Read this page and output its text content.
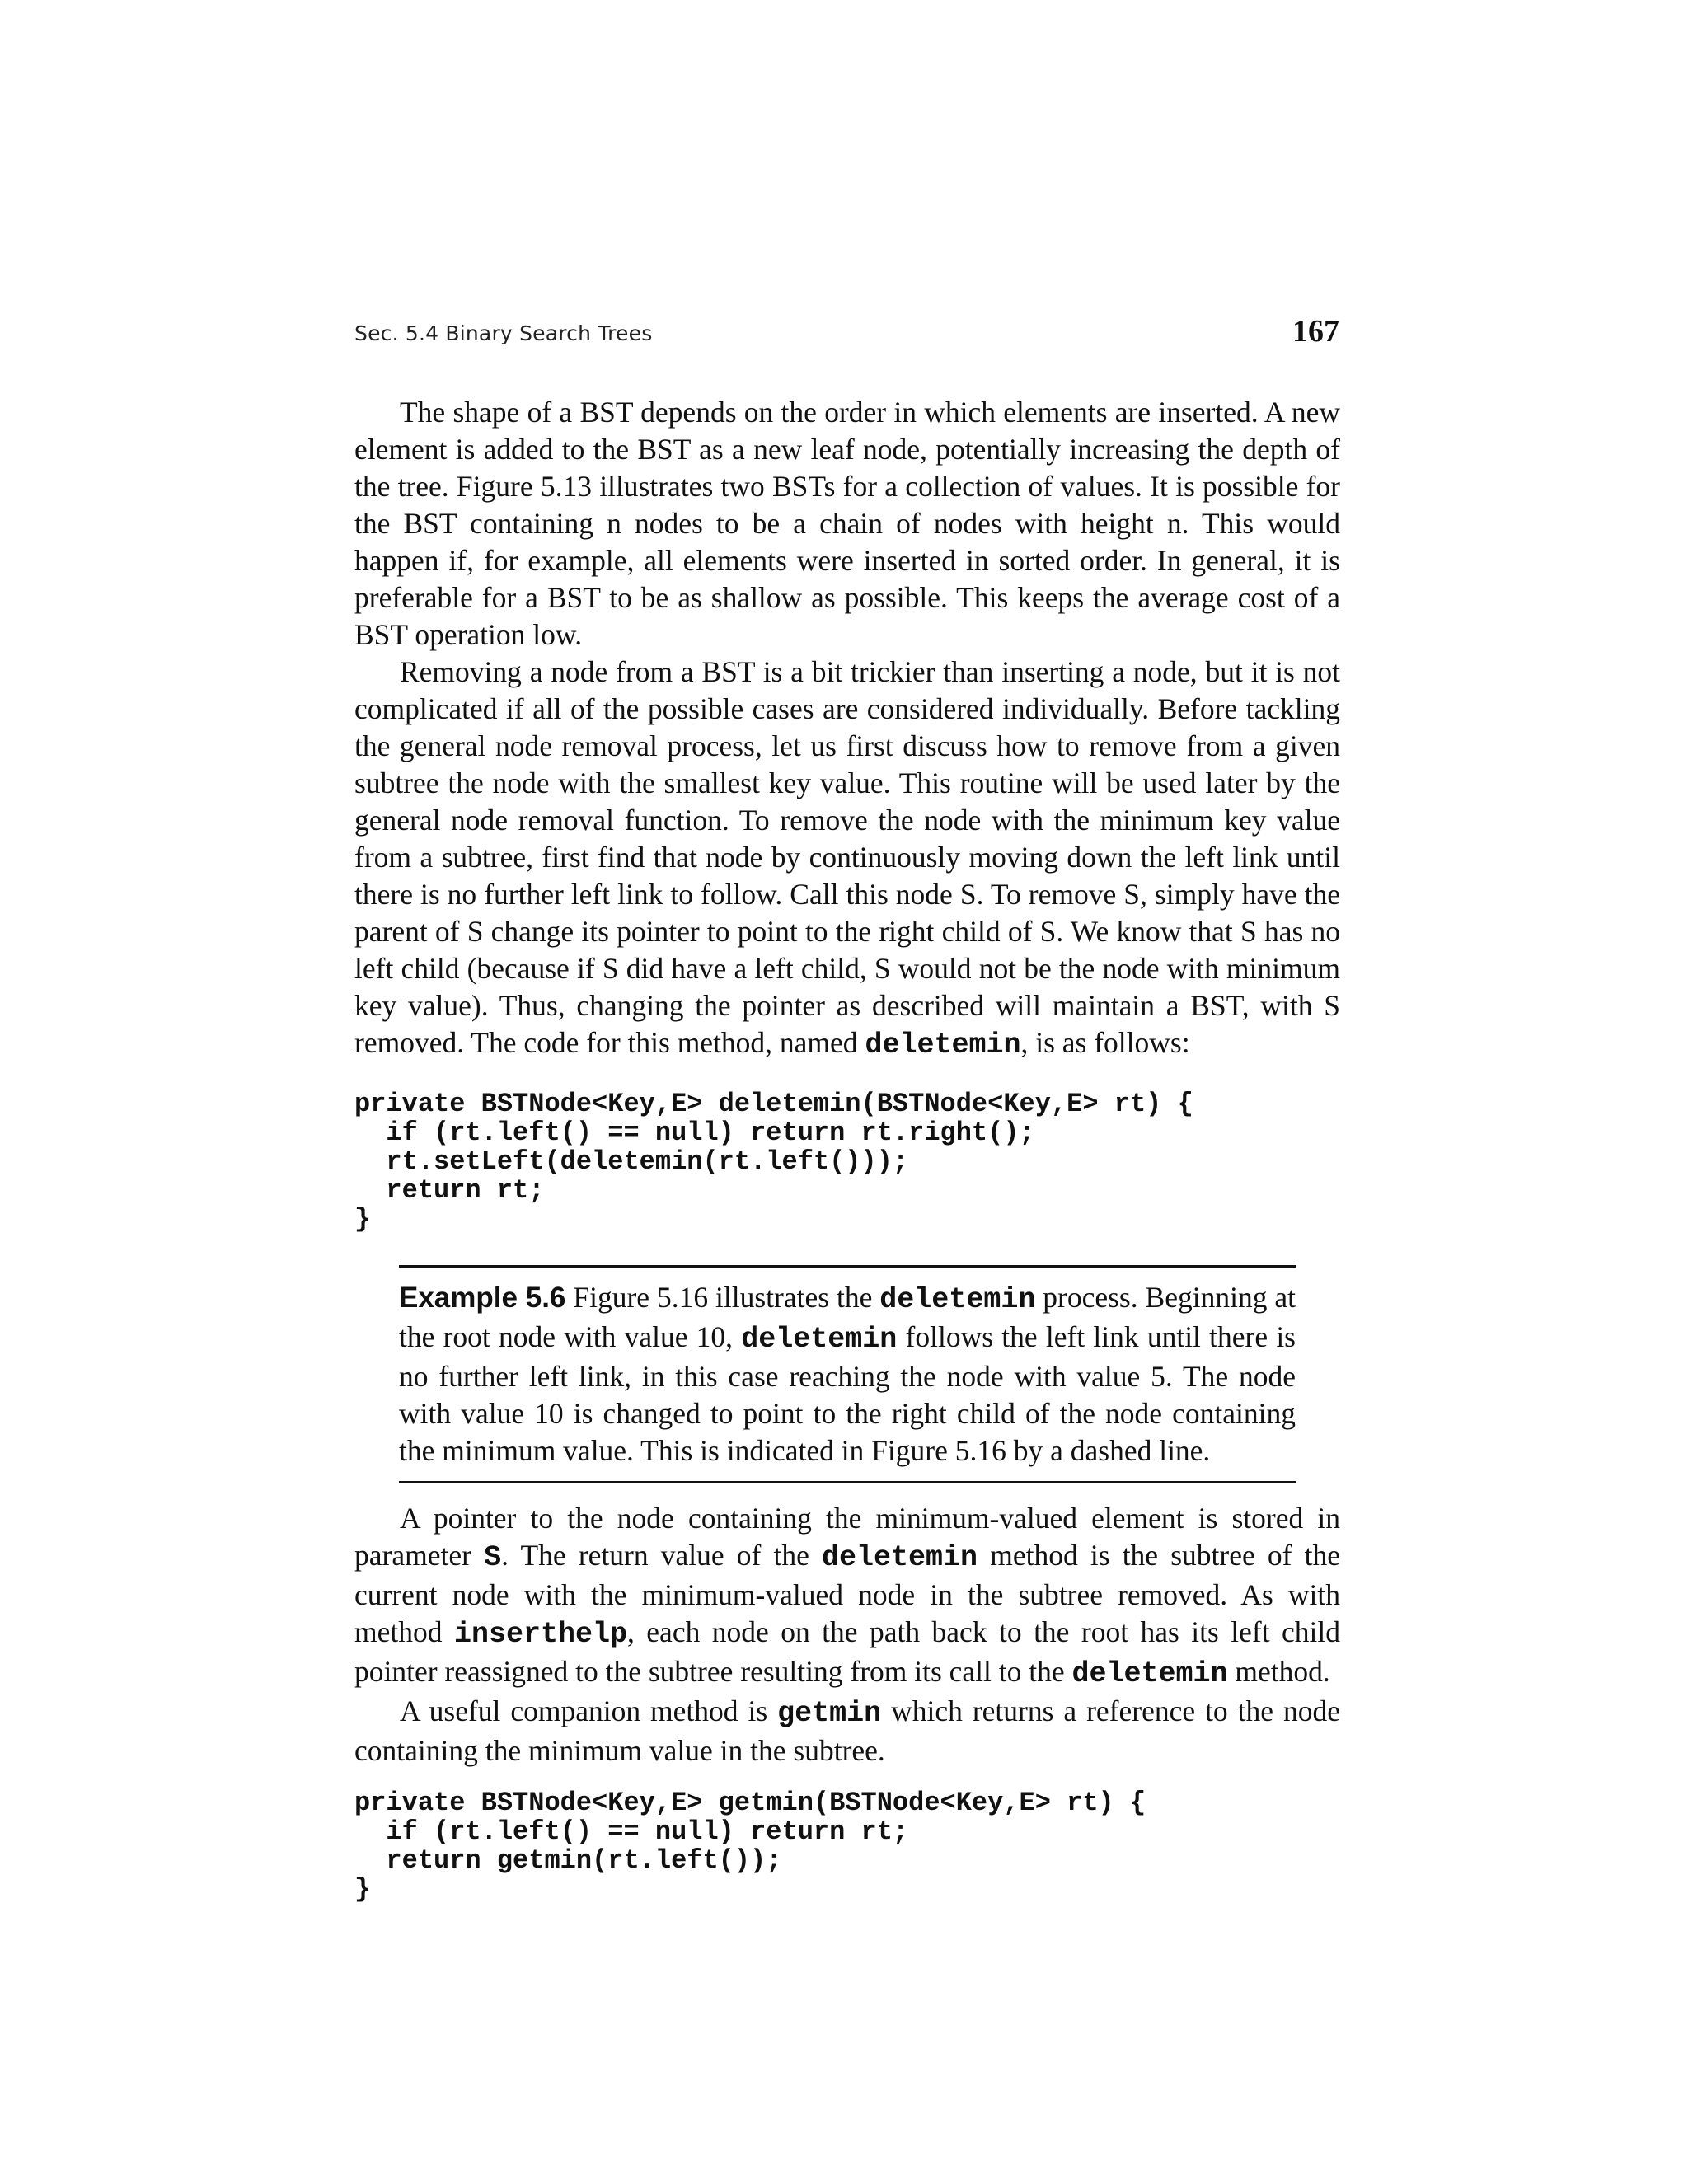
Sec. 5.4 Binary Search Trees	167

The shape of a BST depends on the order in which elements are inserted. A new element is added to the BST as a new leaf node, potentially increasing the depth of the tree. Figure 5.13 illustrates two BSTs for a collection of values. It is possible for the BST containing n nodes to be a chain of nodes with height n. This would happen if, for example, all elements were inserted in sorted order. In general, it is preferable for a BST to be as shallow as possible. This keeps the average cost of a BST operation low.

Removing a node from a BST is a bit trickier than inserting a node, but it is not complicated if all of the possible cases are considered individually. Before tackling the general node removal process, let us first discuss how to remove from a given subtree the node with the smallest key value. This routine will be used later by the general node removal function. To remove the node with the minimum key value from a subtree, first find that node by continuously moving down the left link until there is no further left link to follow. Call this node S. To remove S, simply have the parent of S change its pointer to point to the right child of S. We know that S has no left child (because if S did have a left child, S would not be the node with minimum key value). Thus, changing the pointer as described will maintain a BST, with S removed. The code for this method, named deletemin, is as follows:

private BSTNode<Key,E> deletemin(BSTNode<Key,E> rt) {
if (rt.left() == null) return rt.right();
rt.setLeft(deletemin(rt.left()));
return rt;
}

Example 5.6 Figure 5.16 illustrates the deletemin process. Beginning at the root node with value 10, deletemin follows the left link until there is no further left link, in this case reaching the node with value 5. The node with value 10 is changed to point to the right child of the node containing the minimum value. This is indicated in Figure 5.16 by a dashed line.

A pointer to the node containing the minimum-valued element is stored in parameter S. The return value of the deletemin method is the subtree of the current node with the minimum-valued node in the subtree removed. As with method inserthelp, each node on the path back to the root has its left child pointer reassigned to the subtree resulting from its call to the deletemin method.

A useful companion method is getmin which returns a reference to the node containing the minimum value in the subtree.

private BSTNode<Key,E> getmin(BSTNode<Key,E> rt) {
if (rt.left() == null) return rt;
return getmin(rt.left());
}
